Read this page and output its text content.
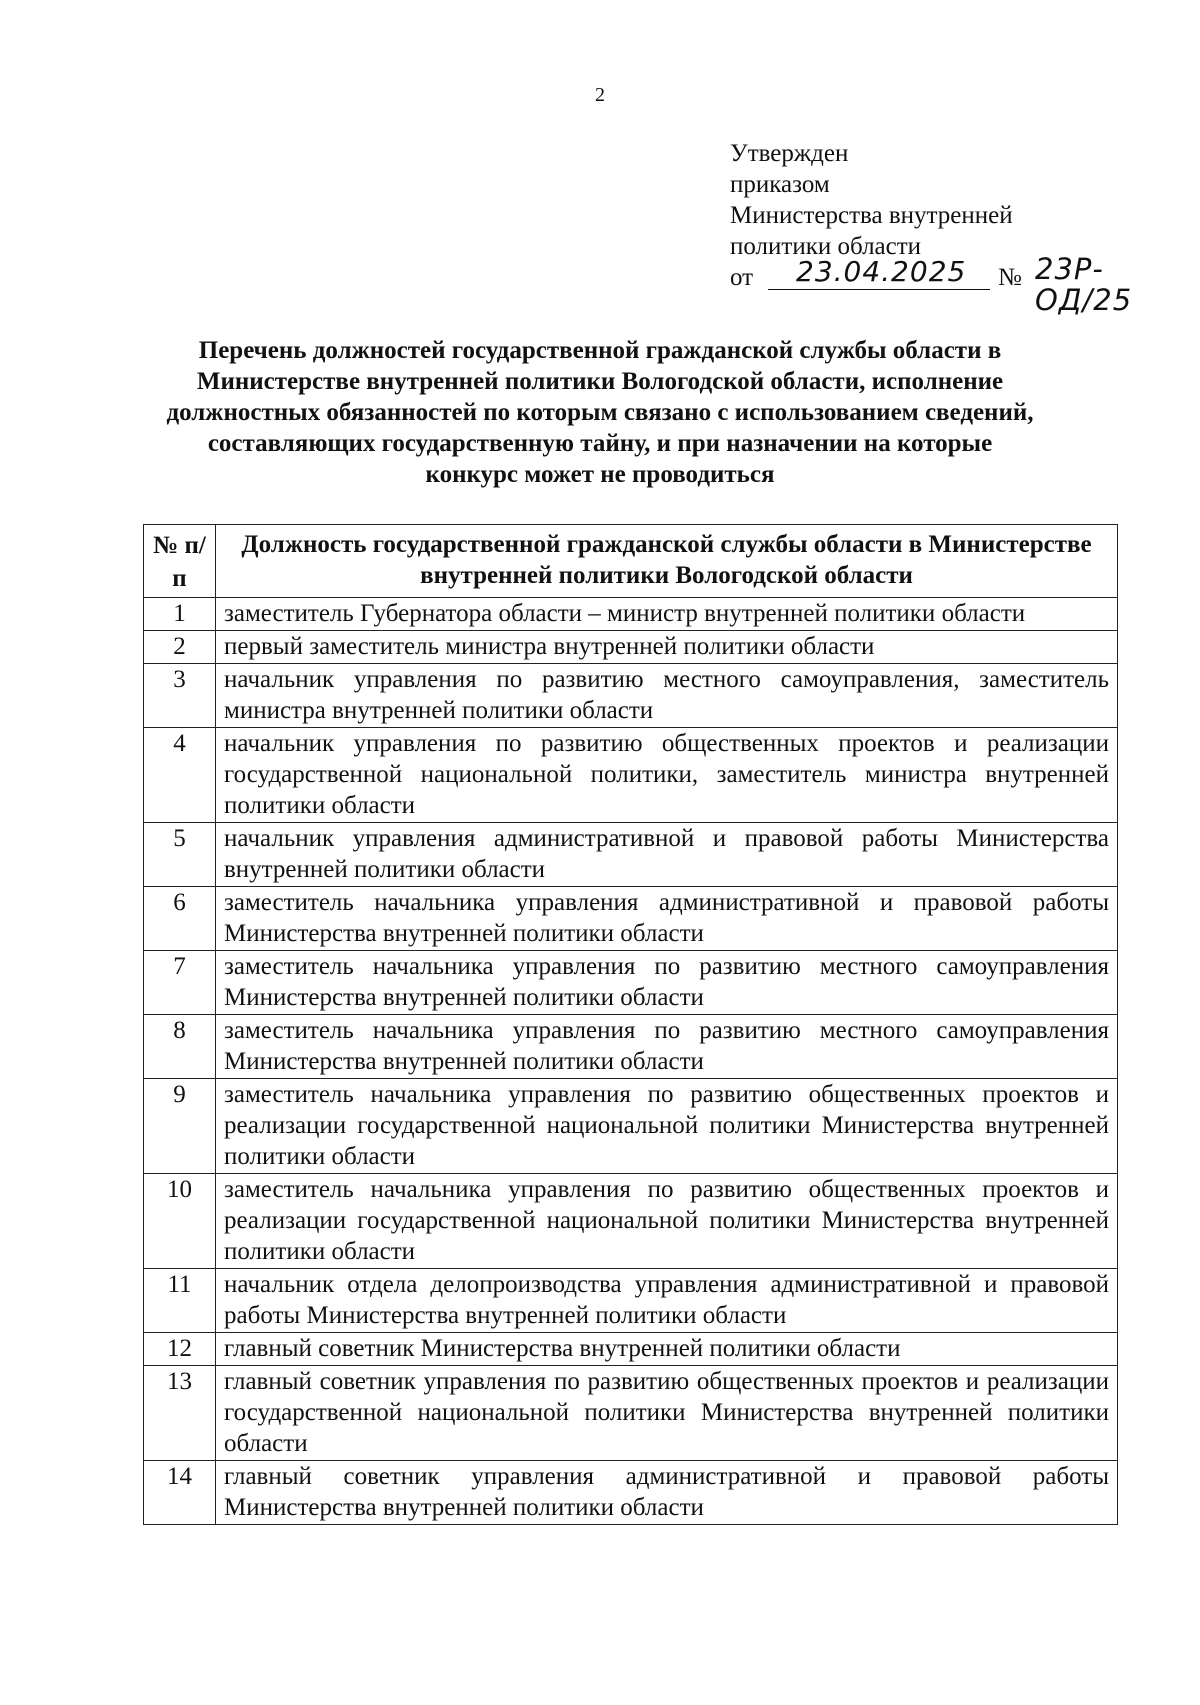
2
Утвержден
приказом
Министерства внутренней
политики области
от 23.04.2025 № 23Р-ОД/25
Перечень должностей государственной гражданской службы области в Министерстве внутренней политики Вологодской области, исполнение должностных обязанностей по которым связано с использованием сведений, составляющих государственную тайну, и при назначении на которые конкурс может не проводиться
№ п/п	Должность государственной гражданской службы области в Министерстве внутренней политики Вологодской области
1	заместитель Губернатора области – министр внутренней политики области
2	первый заместитель министра внутренней политики области
3	начальник управления по развитию местного самоуправления, заместитель министра внутренней политики области
4	начальник управления по развитию общественных проектов и реализации государственной национальной политики, заместитель министра внутренней политики области
5	начальник управления административной и правовой работы Министерства внутренней политики области
6	заместитель начальника управления административной и правовой работы Министерства внутренней политики области
7	заместитель начальника управления по развитию местного самоуправления Министерства внутренней политики области
8	заместитель начальника управления по развитию местного самоуправления Министерства внутренней политики области
9	заместитель начальника управления по развитию общественных проектов и реализации государственной национальной политики Министерства внутренней политики области
10	заместитель начальника управления по развитию общественных проектов и реализации государственной национальной политики Министерства внутренней политики области
11	начальник отдела делопроизводства управления административной и правовой работы Министерства внутренней политики области
12	главный советник Министерства внутренней политики области
13	главный советник управления по развитию общественных проектов и реализации государственной национальной политики Министерства внутренней политики области
14	главный советник управления административной и правовой работы Министерства внутренней политики области
